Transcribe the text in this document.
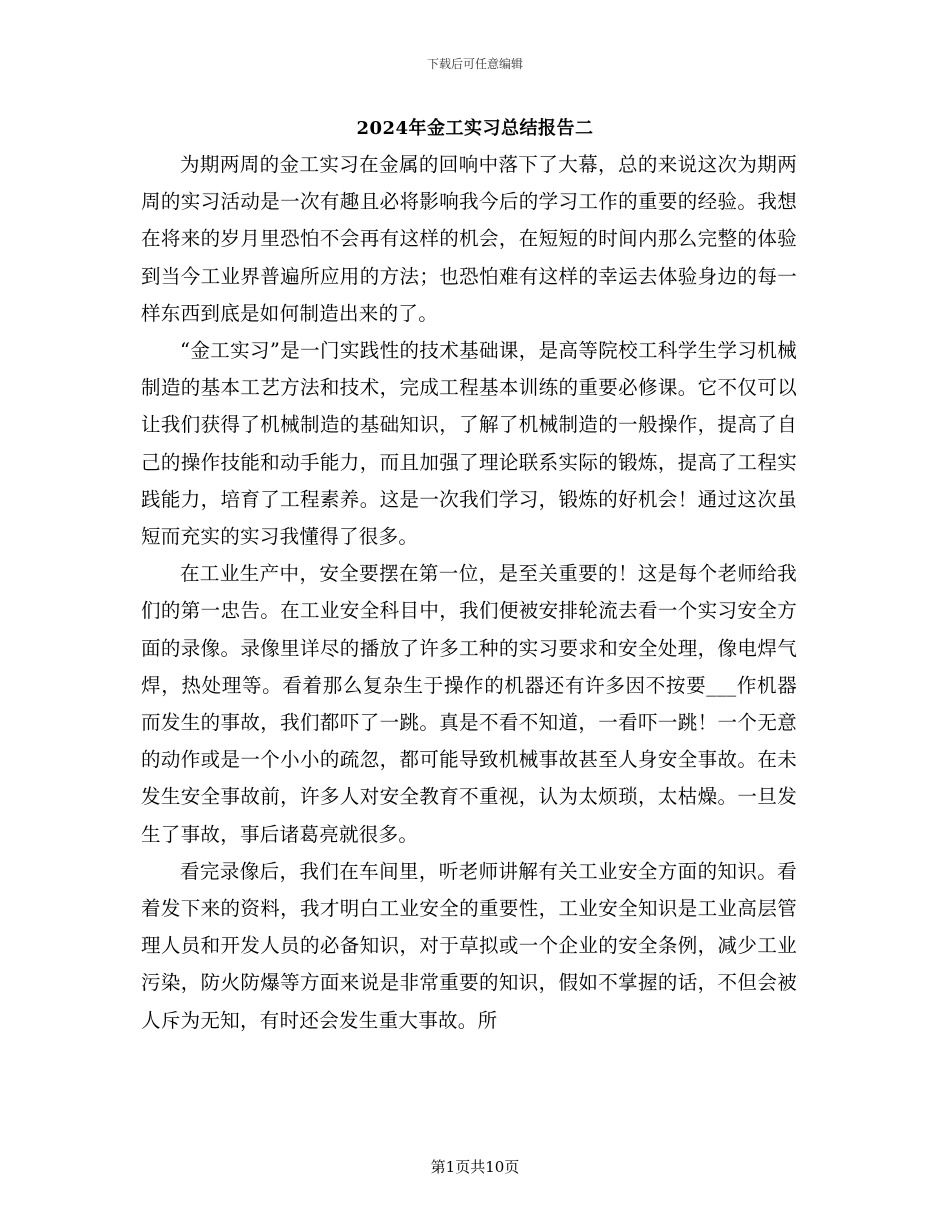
下载后可任意编辑
2024年金工实习总结报告二

为期两周的金工实习在金属的回响中落下了大幕，总的来说这次为期两周的实习活动是一次有趣且必将影响我今后的学习工作的重要的经验。我想在将来的岁月里恐怕不会再有这样的机会，在短短的时间内那么完整的体验到当今工业界普遍所应用的方法；也恐怕难有这样的幸运去体验身边的每一样东西到底是如何制造出来的了。

“金工实习”是一门实践性的技术基础课，是高等院校工科学生学习机械制造的基本工艺方法和技术，完成工程基本训练的重要必修课。它不仅可以让我们获得了机械制造的基础知识，了解了机械制造的一般操作，提高了自己的操作技能和动手能力，而且加强了理论联系实际的锻炼，提高了工程实践能力，培育了工程素养。这是一次我们学习，锻炼的好机会！通过这次虽短而充实的实习我懂得了很多。

在工业生产中，安全要摆在第一位，是至关重要的！这是每个老师给我们的第一忠告。在工业安全科目中，我们便被安排轮流去看一个实习安全方面的录像。录像里详尽的播放了许多工种的实习要求和安全处理，像电焊气焊，热处理等。看着那么复杂生于操作的机器还有许多因不按要___作机器而发生的事故，我们都吓了一跳。真是不看不知道，一看吓一跳！一个无意的动作或是一个小小的疏忽，都可能导致机械事故甚至人身安全事故。在未发生安全事故前，许多人对安全教育不重视，认为太烦琐，太枯燥。一旦发生了事故，事后诸葛亮就很多。

看完录像后，我们在车间里，听老师讲解有关工业安全方面的知识。看着发下来的资料，我才明白工业安全的重要性，工业安全知识是工业高层管理人员和开发人员的必备知识，对于草拟或一个企业的安全条例，减少工业污染，防火防爆等方面来说是非常重要的知识，假如不掌握的话，不但会被人斥为无知，有时还会发生重大事故。所

第1页共10页
